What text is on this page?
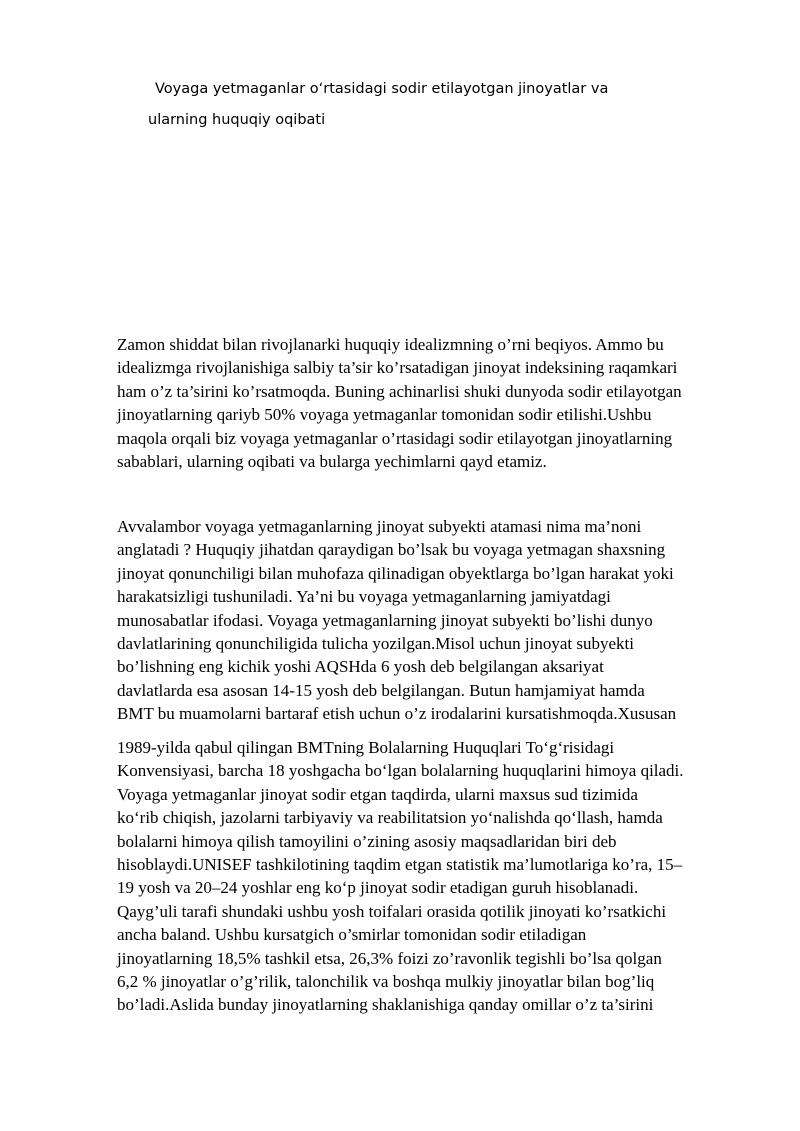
Voyaga yetmaganlar o‘rtasidagi sodir etilayotgan jinoyatlar va
ularning huquqiy oqibati
Zamon shiddat bilan rivojlanarki huquqiy idealizmning o’rni beqiyos. Ammo bu
idealizmga rivojlanishiga salbiy ta’sir ko’rsatadigan jinoyat indeksining raqamkari
ham o’z ta’sirini ko’rsatmoqda. Buning achinarlisi shuki dunyoda sodir etilayotgan
jinoyatlarning qariyb 50% voyaga yetmaganlar tomonidan sodir etilishi.Ushbu
maqola orqali biz voyaga yetmaganlar o’rtasidagi sodir etilayotgan jinoyatlarning
sabablari, ularning oqibati va bularga yechimlarni qayd etamiz.
Avvalambor voyaga yetmaganlarning jinoyat subyekti atamasi nima ma’noni
anglatadi ? Huquqiy jihatdan qaraydigan bo’lsak bu voyaga yetmagan shaxsning
jinoyat qonunchiligi bilan muhofaza qilinadigan obyektlarga bo’lgan harakat yoki
harakatsizligi tushuniladi. Ya’ni bu voyaga yetmaganlarning jamiyatdagi
munosabatlar ifodasi. Voyaga yetmaganlarning jinoyat subyekti bo’lishi dunyo
davlatlarining qonunchiligida tulicha yozilgan.Misol uchun jinoyat subyekti
bo’lishning eng kichik yoshi AQSHda 6 yosh deb belgilangan aksariyat
davlatlarda esa asosan 14-15 yosh deb belgilangan. Butun hamjamiyat hamda
BMT bu muamolarni bartaraf etish uchun o’z irodalarini kursatishmoqda.Xususan
1989-yilda qabul qilingan BMTning Bolalarning Huquqlari To‘g‘risidagi
Konvensiyasi, barcha 18 yoshgacha bo‘lgan bolalarning huquqlarini himoya qiladi.
Voyaga yetmaganlar jinoyat sodir etgan taqdirda, ularni maxsus sud tizimida
ko‘rib chiqish, jazolarni tarbiyaviy va reabilitatsion yo‘nalishda qo‘llash, hamda
bolalarni himoya qilish tamoyilini o’zining asosiy maqsadlaridan biri deb
hisoblaydi.UNISEF tashkilotining taqdim etgan statistik ma’lumotlariga ko’ra, 15–
19 yosh va 20–24 yoshlar eng ko‘p jinoyat sodir etadigan guruh hisoblanadi.
Qayg’uli tarafi shundaki ushbu yosh toifalari orasida qotilik jinoyati ko’rsatkichi
ancha baland. Ushbu kursatgich o’smirlar tomonidan sodir etiladigan
jinoyatlarning 18,5% tashkil etsa, 26,3% foizi zo’ravonlik tegishli bo’lsa qolgan
6,2 % jinoyatlar o’g’rilik, talonchilik va boshqa mulkiy jinoyatlar bilan bog’liq
bo’ladi.Aslida bunday jinoyatlarning shaklanishiga qanday omillar o’z ta’sirini
